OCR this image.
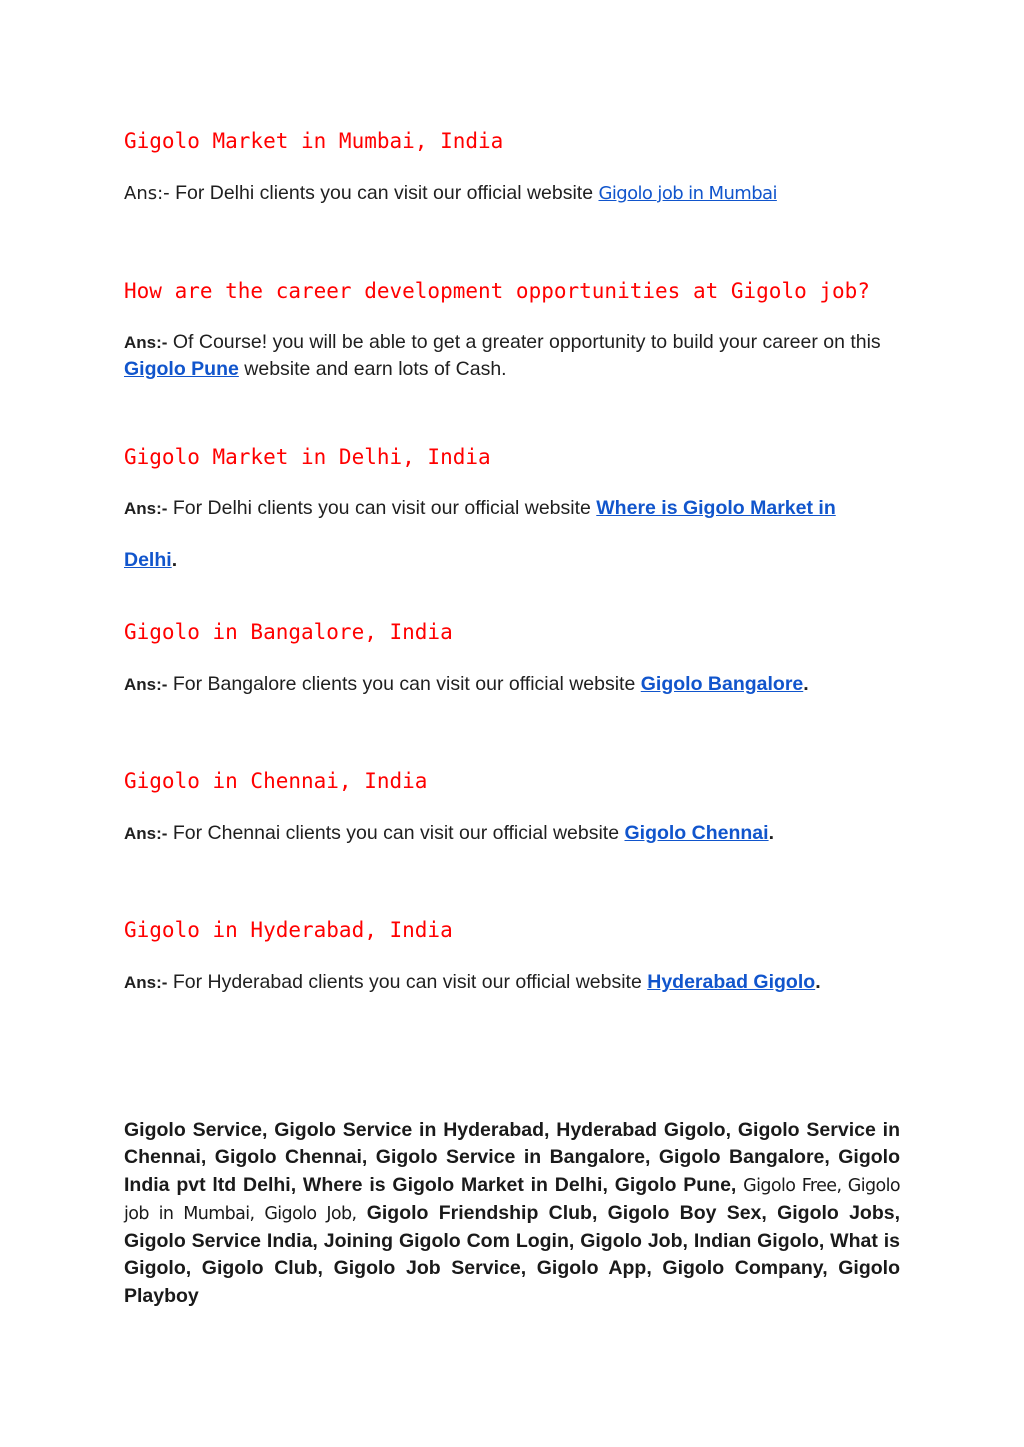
Gigolo Market in Mumbai, India

Ans:- For Delhi clients you can visit our official website Gigolo job in Mumbai

How are the career development opportunities at Gigolo job?

Ans:- Of Course! you will be able to get a greater opportunity to build your career on this Gigolo Pune website and earn lots of Cash.

Gigolo Market in Delhi, India

Ans:- For Delhi clients you can visit our official website Where is Gigolo Market in

Delhi.

Gigolo in Bangalore, India

Ans:- For Bangalore clients you can visit our official website Gigolo Bangalore.

Gigolo in Chennai, India

Ans:- For Chennai clients you can visit our official website Gigolo Chennai.

Gigolo in Hyderabad, India

Ans:- For Hyderabad clients you can visit our official website Hyderabad Gigolo.

Gigolo Service, Gigolo Service in Hyderabad, Hyderabad Gigolo, Gigolo Service in Chennai, Gigolo Chennai, Gigolo Service in Bangalore, Gigolo Bangalore, Gigolo India pvt ltd Delhi, Where is Gigolo Market in Delhi, Gigolo Pune, Gigolo Free, Gigolo job in Mumbai, Gigolo Job, Gigolo Friendship Club, Gigolo Boy Sex, Gigolo Jobs, Gigolo Service India, Joining Gigolo Com Login, Gigolo Job, Indian Gigolo, What is Gigolo, Gigolo Club, Gigolo Job Service, Gigolo App, Gigolo Company, Gigolo Playboy
